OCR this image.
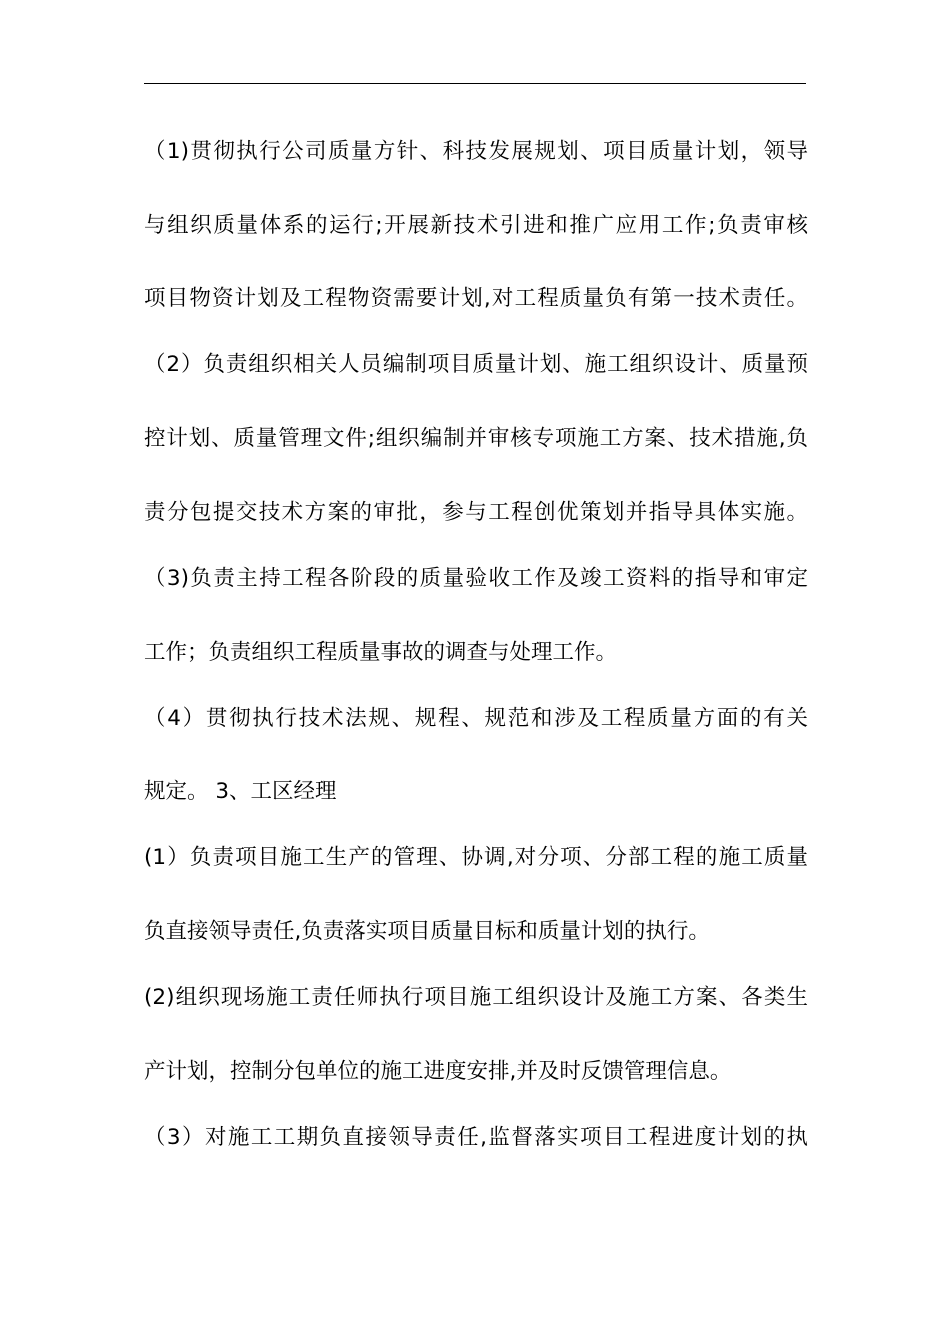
（1)贯彻执行公司质量方针、科技发展规划、项目质量计划，领导
与组织质量体系的运行;开展新技术引进和推广应用工作;负责审核
项目物资计划及工程物资需要计划,对工程质量负有第一技术责任。
（2）负责组织相关人员编制项目质量计划、施工组织设计、质量预
控计划、质量管理文件;组织编制并审核专项施工方案、技术措施,负
责分包提交技术方案的审批，参与工程创优策划并指导具体实施。
（3)负责主持工程各阶段的质量验收工作及竣工资料的指导和审定
工作；负责组织工程质量事故的调查与处理工作。
（4）贯彻执行技术法规、规程、规范和涉及工程质量方面的有关
规定。 3、工区经理
(1）负责项目施工生产的管理、协调,对分项、分部工程的施工质量
负直接领导责任,负责落实项目质量目标和质量计划的执行。
(2)组织现场施工责任师执行项目施工组织设计及施工方案、各类生
产计划，控制分包单位的施工进度安排,并及时反馈管理信息。
（3）对施工工期负直接领导责任,监督落实项目工程进度计划的执
